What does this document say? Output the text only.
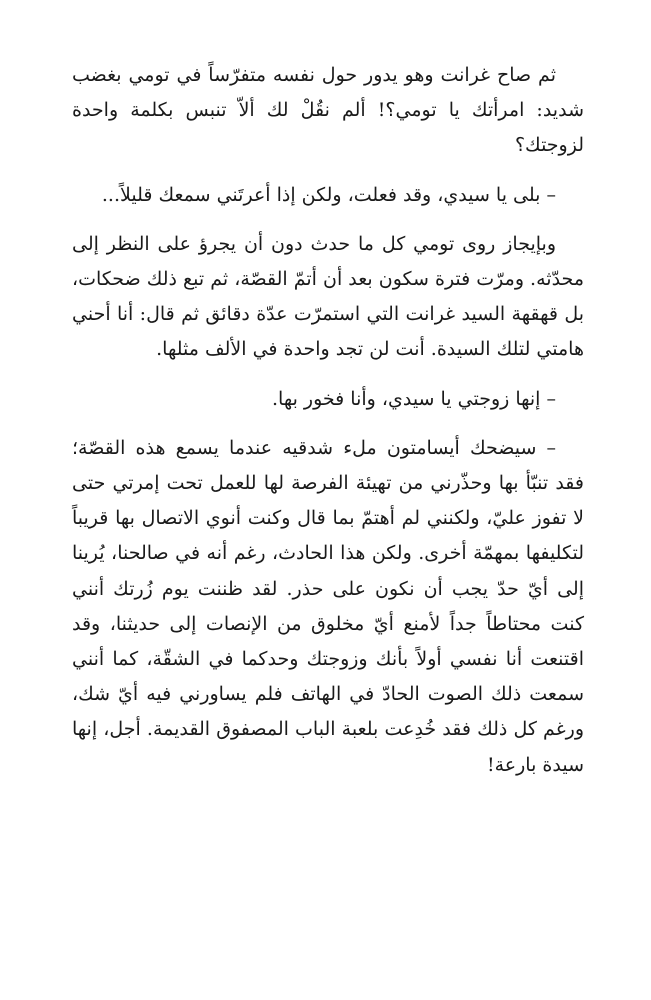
ثم صاح غرانت وهو يدور حول نفسه متفرّساً في تومي بغضب شديد: امرأتك يا تومي؟! ألم نقُلْ لك ألاّ تنبس بكلمة واحدة لزوجتك؟

– بلى يا سيدي، وقد فعلت، ولكن إذا أعرتَني سمعك قليلاً...

وبإيجاز روى تومي كل ما حدث دون أن يجرؤ على النظر إلى محدّثه. ومرّت فترة سكون بعد أن أتمّ القصّة، ثم تبع ذلك ضحكات، بل قهقهة السيد غرانت التي استمرّت عدّة دقائق ثم قال: أنا أحني هامتي لتلك السيدة. أنت لن تجد واحدة في الألف مثلها.

– إنها زوجتي يا سيدي، وأنا فخور بها.

– سيضحك أيسامتون ملء شدقيه عندما يسمع هذه القصّة؛ فقد تنبّأ بها وحذّرني من تهيئة الفرصة لها للعمل تحت إمرتي حتى لا تفوز عليّ، ولكنني لم أهتمّ بما قال وكنت أنوي الاتصال بها قريباً لتكليفها بمهمّة أخرى. ولكن هذا الحادث، رغم أنه في صالحنا، يُرينا إلى أيّ حدّ يجب أن نكون على حذر. لقد ظننت يوم زُرتك أنني كنت محتاطاً جداً لأمنع أيّ مخلوق من الإنصات إلى حديثنا، وقد اقتنعت أنا نفسي أولاً بأنك وزوجتك وحدكما في الشقّة، كما أنني سمعت ذلك الصوت الحادّ في الهاتف فلم يساورني فيه أيّ شك، ورغم كل ذلك فقد خُدِعت بلعبة الباب المصفوق القديمة. أجل، إنها سيدة بارعة!
